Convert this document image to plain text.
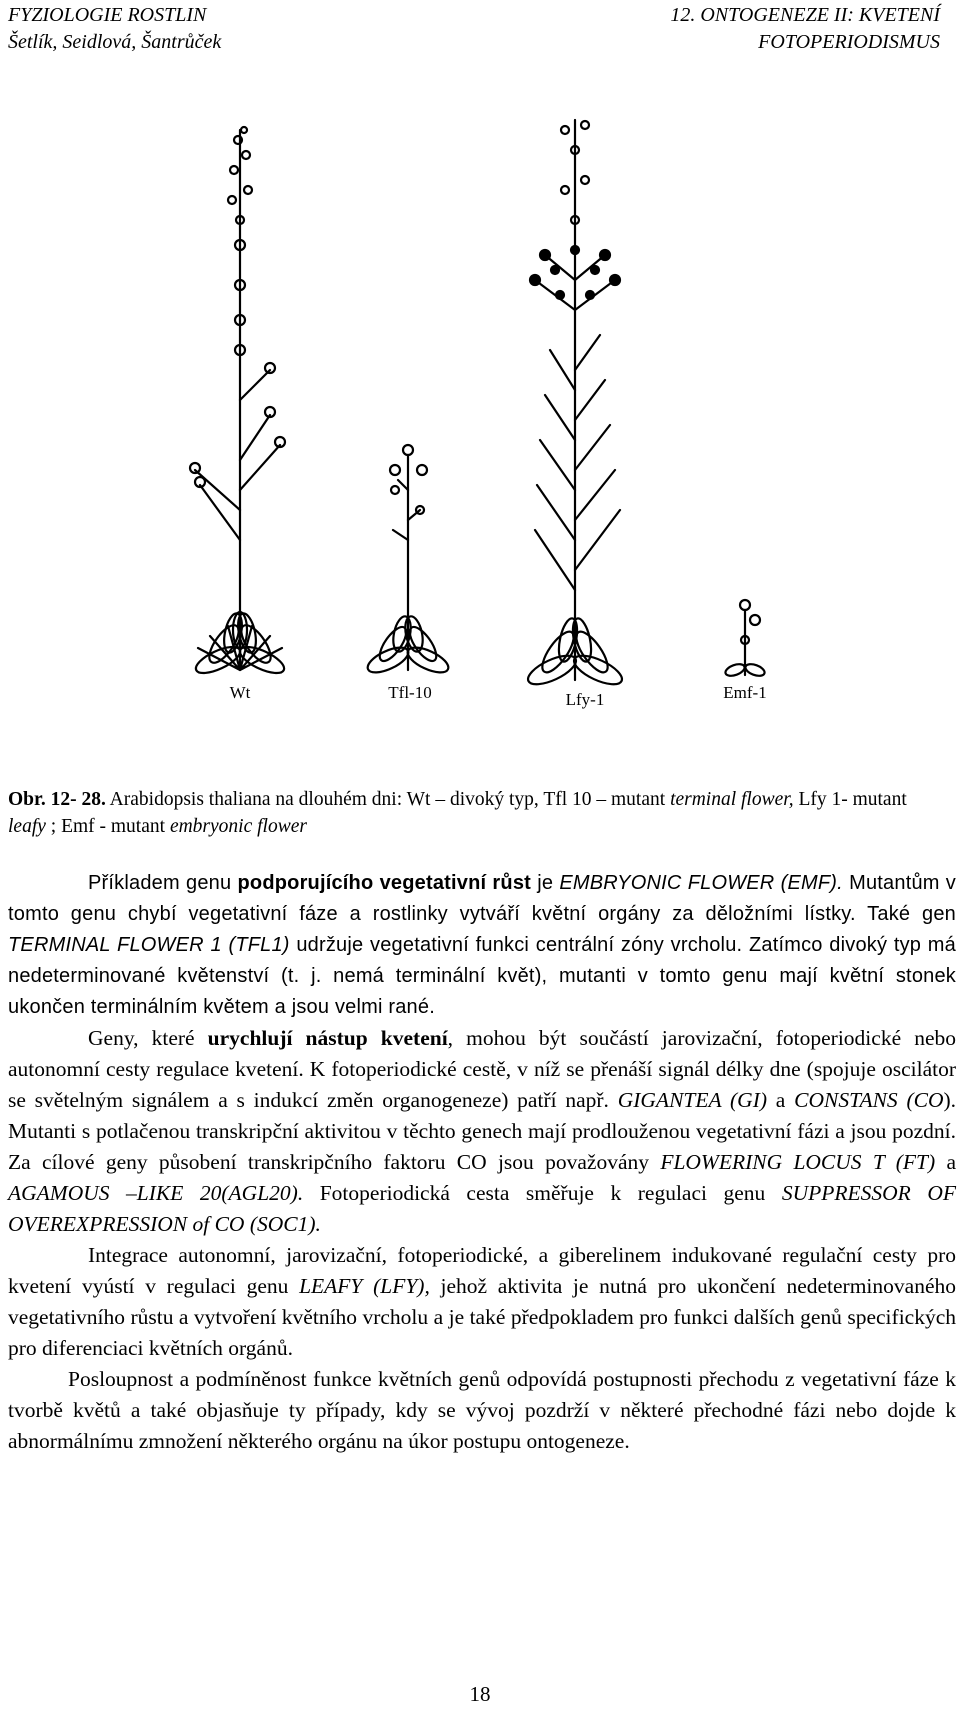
FYZIOLOGIE ROSTLIN
Šetlík, Seidlová, Šantrůček
12. ONTOGENEZE II: KVETENÍ
FOTOPERIODISMUS
Wt	Tfl-10	Lfy-1	Emf-1
Obr. 12- 28. Arabidopsis thaliana na dlouhém dni: Wt – divoký typ, Tfl 10 – mutant terminal flower, Lfy 1- mutant leafy ; Emf - mutant embryonic flower

Příkladem genu podporujícího vegetativní růst je EMBRYONIC FLOWER (EMF). Mutantům v tomto genu chybí vegetativní fáze a rostlinky vytváří květní orgány za děložními lístky. Také gen TERMINAL FLOWER 1 (TFL1) udržuje vegetativní funkci centrální zóny vrcholu. Zatímco divoký typ má nedeterminované květenství (t. j. nemá terminální květ), mutanti v tomto genu mají květní stonek ukončen terminálním květem a jsou velmi rané.

Geny, které urychlují nástup kvetení, mohou být součástí jarovizační, fotoperiodické nebo autonomní cesty regulace kvetení. K fotoperiodické cestě, v níž se přenáší signál délky dne (spojuje oscilátor se světelným signálem a s indukcí změn organogeneze) patří např. GIGANTEA (GI) a CONSTANS (CO). Mutanti s potlačenou transkripční aktivitou v těchto genech mají prodlouženou vegetativní fázi a jsou pozdní. Za cílové geny působení transkripčního faktoru CO jsou považovány FLOWERING LOCUS T (FT) a AGAMOUS –LIKE 20(AGL20). Fotoperiodická cesta směřuje k regulaci genu SUPPRESSOR OF OVEREXPRESSION of CO (SOC1).

Integrace autonomní, jarovizační, fotoperiodické, a giberelinem indukované regulační cesty pro kvetení vyústí v regulaci genu LEAFY (LFY), jehož aktivita je nutná pro ukončení nedeterminovaného vegetativního růstu a vytvoření květního vrcholu a je také předpokladem pro funkci dalších genů specifických pro diferenciaci květních orgánů.

Posloupnost a podmíněnost funkce květních genů odpovídá postupnosti přechodu z vegetativní fáze k tvorbě květů a také objasňuje ty případy, kdy se vývoj pozdrží v některé přechodné fázi nebo dojde k abnormálnímu zmnožení některého orgánu na úkor postupu ontogeneze.

18
